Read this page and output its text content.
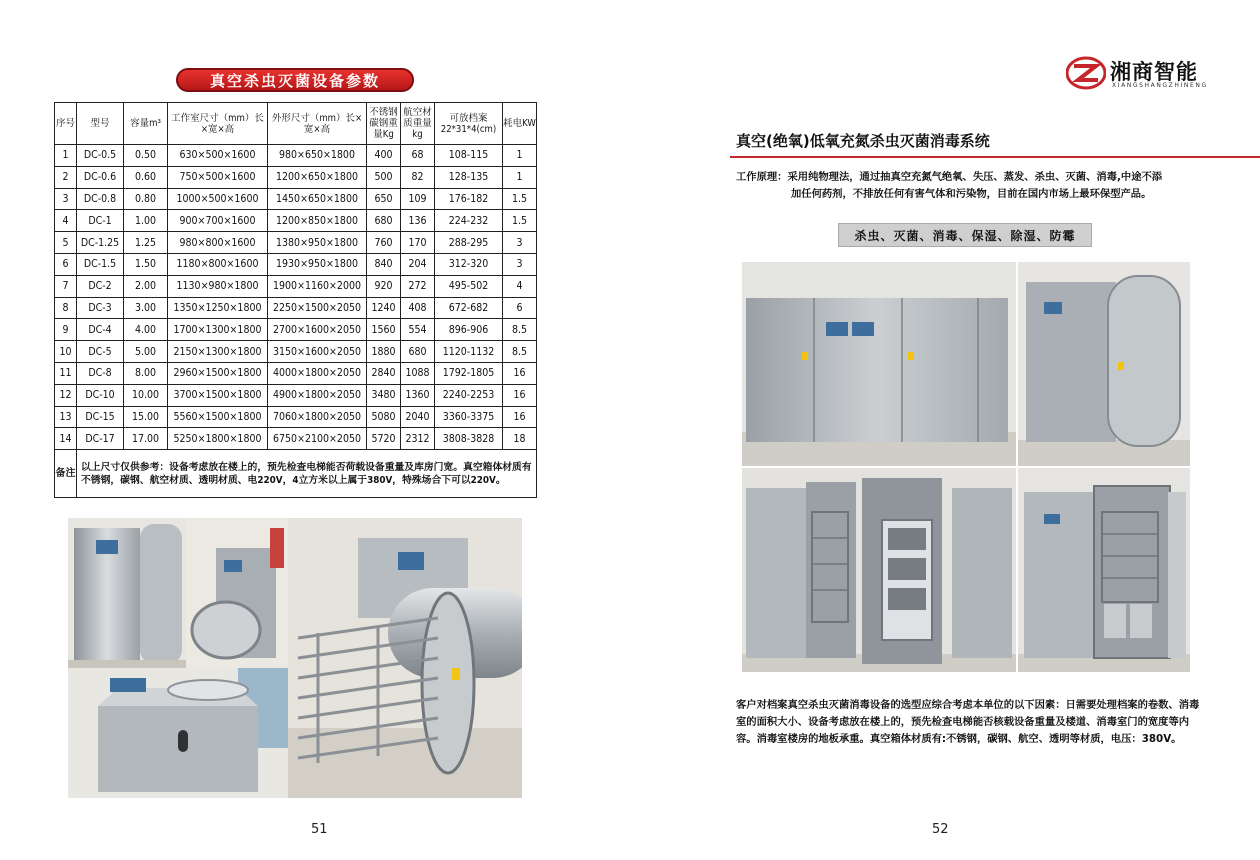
真空杀虫灭菌设备参数
序号	型号	容量m³	工作室尺寸（mm）长×宽×高	外形尺寸（mm）长×宽×高	不锈钢碳钢重量Kg	航空材质重量kg	可放档案22*31*4(cm)	耗电KW
1	DC-0.5	0.50	630×500×1600	980×650×1800	400	68	108-115	1
2	DC-0.6	0.60	750×500×1600	1200×650×1800	500	82	128-135	1
3	DC-0.8	0.80	1000×500×1600	1450×650×1800	650	109	176-182	1.5
4	DC-1	1.00	900×700×1600	1200×850×1800	680	136	224-232	1.5
5	DC-1.25	1.25	980×800×1600	1380×950×1800	760	170	288-295	3
6	DC-1.5	1.50	1180×800×1600	1930×950×1800	840	204	312-320	3
7	DC-2	2.00	1130×980×1800	1900×1160×2000	920	272	495-502	4
8	DC-3	3.00	1350×1250×1800	2250×1500×2050	1240	408	672-682	6
9	DC-4	4.00	1700×1300×1800	2700×1600×2050	1560	554	896-906	8.5
10	DC-5	5.00	2150×1300×1800	3150×1600×2050	1880	680	1120-1132	8.5
11	DC-8	8.00	2960×1500×1800	4000×1800×2050	2840	1088	1792-1805	16
12	DC-10	10.00	3700×1500×1800	4900×1800×2050	3480	1360	2240-2253	16
13	DC-15	15.00	5560×1500×1800	7060×1800×2050	5080	2040	3360-3375	16
14	DC-17	17.00	5250×1800×1800	6750×2100×2050	5720	2312	3808-3828	18
备注	以上尺寸仅供参考：设备考虑放在楼上的，预先检查电梯能否荷载设备重量及库房门宽。真空箱体材质有不锈钢，碳钢、航空材质、透明材质、电220V，4立方米以上属于380V，特殊场合下可以220V。							
51
湘商智能
XIANGSHANGZHINENG
真空(绝氧)低氧充氮杀虫灭菌消毒系统
工作原理：采用纯物理法，通过抽真空充氮气绝氧、失压、蒸发、杀虫、灭菌、消毒,中途不添
加任何药剂，不排放任何有害气体和污染物，目前在国内市场上最环保型产品。
杀虫、灭菌、消毒、保湿、除湿、防霉
客户对档案真空杀虫灭菌消毒设备的选型应综合考虑本单位的以下因素：日需要处理档案的卷数、消毒室的面积大小、设备考虑放在楼上的，预先检查电梯能否核载设备重量及楼道、消毒室门的宽度等内容。消毒室楼房的地板承重。真空箱体材质有:不锈钢，碳钢、航空、透明等材质，电压：380V。
52
